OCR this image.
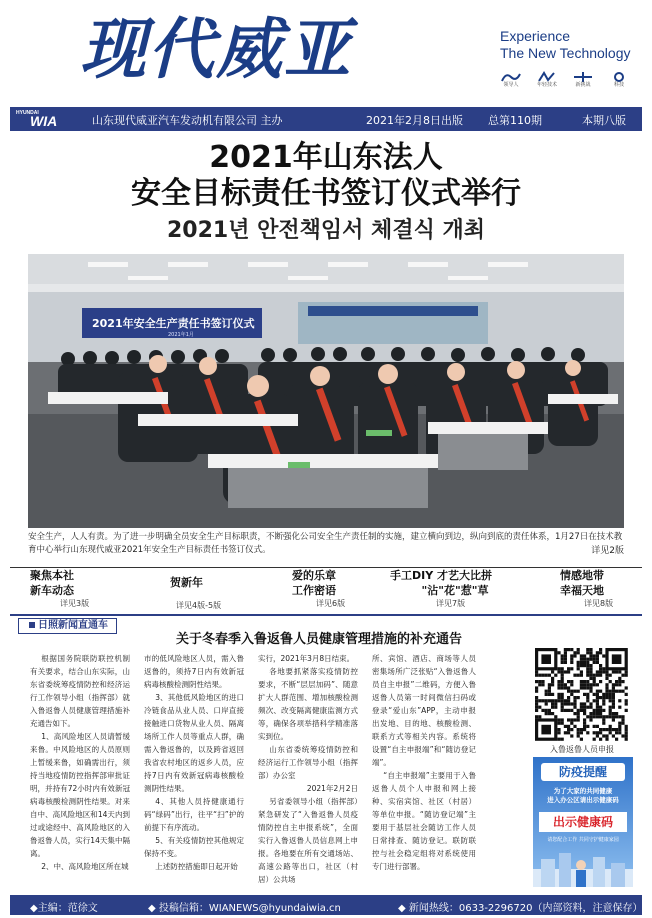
现代威亚	Experience
The New Technology
领导人	年轻技术	新挑战	科技
HYUNDAI
WIA	山东现代威亚汽车发动机有限公司 主办	2021年2月8日出版 总第110期	本期八版
2021年山东法人
安全目标责任书签订仪式举行
2021년 안전책임서 체결식 개최
2021年安全生产责任书签订仪式
2021年1月
安全生产，人人有责。为了进一步明确全员安全生产目标职责，不断强化公司安全生产责任制的实施，建立横向到边，纵向到底的责任体系，1月27日在技术教育中心举行山东现代威亚2021年安全生产目标责任书签订仪式。	详见2版
聚焦本社
新车动态
详见3版
贺新年
详见4版-5版
爱的乐章
工作密语
详见6版
手工DIY 才艺大比拼
"沾"花"惹"草
详见7版
情感地带
幸福天地
详见8版
日照新闻直通车
关于冬春季入鲁返鲁人员健康管理措施的补充通告

根据国务院联防联控机制有关要求，结合山东实际，山东省委统筹疫情防控和经济运行工作领导小组（指挥部）就入鲁返鲁人员健康管理措施补充通告如下。

1、高风险地区人员请暂缓来鲁。中风险地区的人员原则上暂缓来鲁，如确需出行，须持当地疫情防控指挥部审批证明，并持有72小时内有效新冠病毒核酸检测阴性结果。对来自中、高风险地区和14天内到过或途经中、高风险地区的入鲁返鲁人员，实行14天集中隔离。

2、中、高风险地区所在城

市的低风险地区人员，需入鲁返鲁的，须持7日内有效新冠病毒核酸检测阴性结果。

3、其他低风险地区的进口冷链食品从业人员、口岸直接接触进口货物从业人员、隔离场所工作人员等重点人群，确需入鲁返鲁的，以及跨省返回我省农村地区的返乡人员，应持7日内有效新冠病毒核酸检测阴性结果。

4、其他人员持健康通行码“绿码”出行，往平“扫”护的前提下有序流动。

5、有关疫情防控其他规定保持不变。

上述防控措施即日起开始

实行，2021年3月8日结束。

各地要抓紧落实疫情防控要求，不断“层层加码”、随意扩大人群范围、增加核酸检测频次、改变隔离健康监测方式等，确保各项举措科学精准落实到位。

山东省委统筹疫情防控和经济运行工作领导小组（指挥部）办公室

2021年2月2日

另省委领导小组（指挥部）紧急研发了“入鲁返鲁人员疫情防控自主申报系统”，全面实行入鲁返鲁人员信息网上申报。各地要在所有交通场站、高速公路等出口，社区（村居）公共场

所、宾馆、酒店、商场等人员密集场所广泛张贴“入鲁返鲁人员自主申报”二维码，方便入鲁返鲁人员第一时间微信扫码或登录“爱山东”APP，主动申报出发地、目的地、核酸检测、联系方式等相关内容。系统将设置“自主申报端”和“随访登记端”。

“自主申报端”主要用于入鲁返鲁人员个人申报和网上接种、实宿宾馆、社区（村居）等单位申报。“随访登记端”主要用于基层社会随访工作人员日常排查、随访登记。联防联控与社会稳定组将对系统使用专门进行部署。

入鲁返鲁人员申报
防疫提醒
为了大家的共同健康
进入办公区请出示健康码
出示健康码
请您配合工作 共同守护健康家园
◆主编：范徐文	◆ 投稿信箱：WIANEWS@hyundaiwia.cn	◆ 新闻热线：0633-2296720（内部资料，注意保存）
